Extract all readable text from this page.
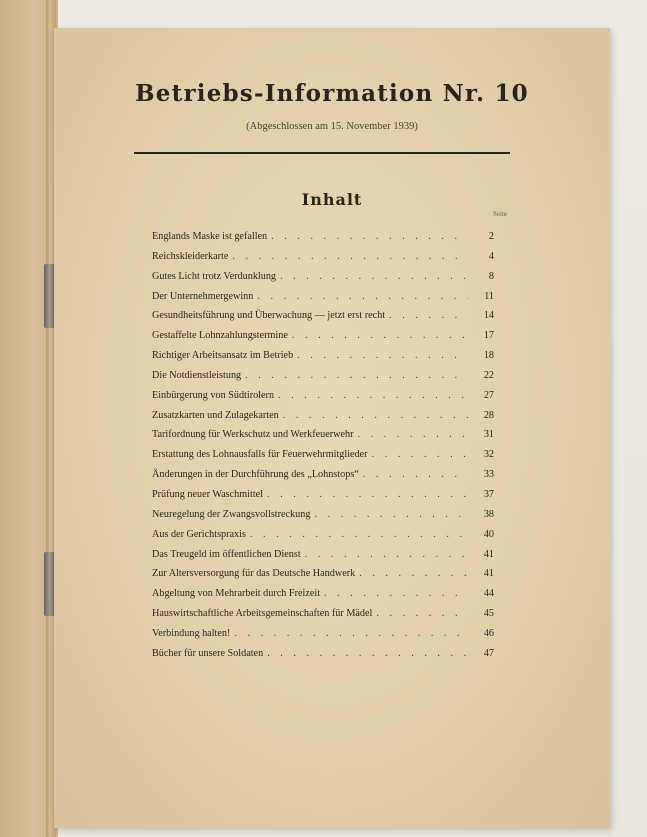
Betriebs-Information Nr. 10
(Abgeschlossen am 15. November 1939)
Inhalt
Seite
Englands Maske ist gefallen . . .	2
Reichskleiderkarte . . .	4
Gutes Licht trotz Verdunklung . . .	8
Der Unternehmergewinn . . .	11
Gesundheitsführung und Überwachung — jetzt erst recht . . .	14
Gestaffelte Lohnzahlungstermine . . .	17
Richtiger Arbeitsansatz im Betrieb . . .	18
Die Notdienstleistung . . .	22
Einbürgerung von Südtirolern . . .	27
Zusatzkarten und Zulagekarten . . .	28
Tarifordnung für Werkschutz und Werkfeuerwehr . . .	31
Erstattung des Lohnausfalls für Feuerwehrmitglieder . . .	32
Änderungen in der Durchführung des „Lohnstops“ . . .	33
Prüfung neuer Waschmittel . . .	37
Neuregelung der Zwangsvollstreckung . . .	38
Aus der Gerichtspraxis . . .	40
Das Treugeld im öffentlichen Dienst . . .	41
Zur Altersversorgung für das Deutsche Handwerk . . .	41
Abgeltung von Mehrarbeit durch Freizeit . . .	44
Hauswirtschaftliche Arbeitsgemeinschaften für Mädel . . .	45
Verbindung halten! . . .	46
Bücher für unsere Soldaten . . .	47
